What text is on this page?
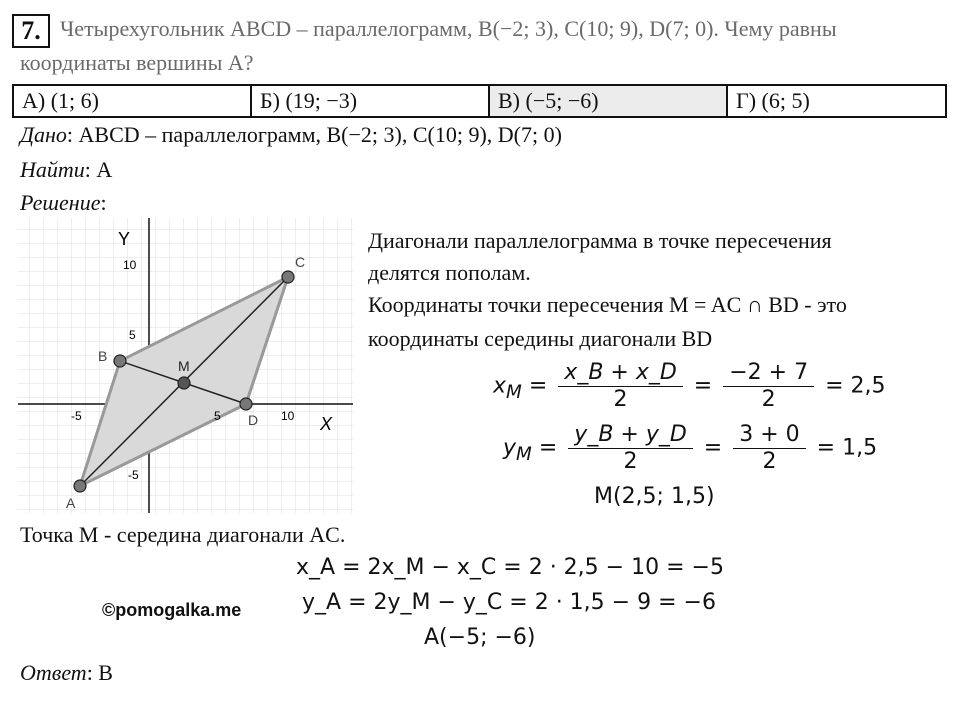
7. Четырехугольник ABCD – параллелограмм, B(−2; 3), C(10; 9), D(7; 0). Чему равны
координаты вершины A?
А) (1; 6)	Б) (19; −3)	В) (−5; −6)	Г) (6; 5)
Дано: ABCD – параллелограмм, B(−2; 3), C(10; 9), D(7; 0)
Найти: A
Решение:
Y
X
10
5
-5
-5	5	10
A
B
C
D
M
Диагонали параллелограмма в точке пересечения
делятся пополам.
Координаты точки пересечения M = AC ∩ BD - это
координаты середины диагонали BD
$x_M = \frac{x\_B + x\_D}{2} = \frac{-2 + 7}{2} = 2,5$
$y_M = \frac{y\_B + y\_D}{2} = \frac{3 + 0}{2} = 1,5$
M(2,5; 1,5)
Точка M - середина диагонали AC.
x_A = 2x_M − x_C = 2 · 2,5 − 10 = −5
y_A = 2y_M − y_C = 2 · 1,5 − 9 = −6
©pomogalka.me
A(−5; −6)
Ответ: В
